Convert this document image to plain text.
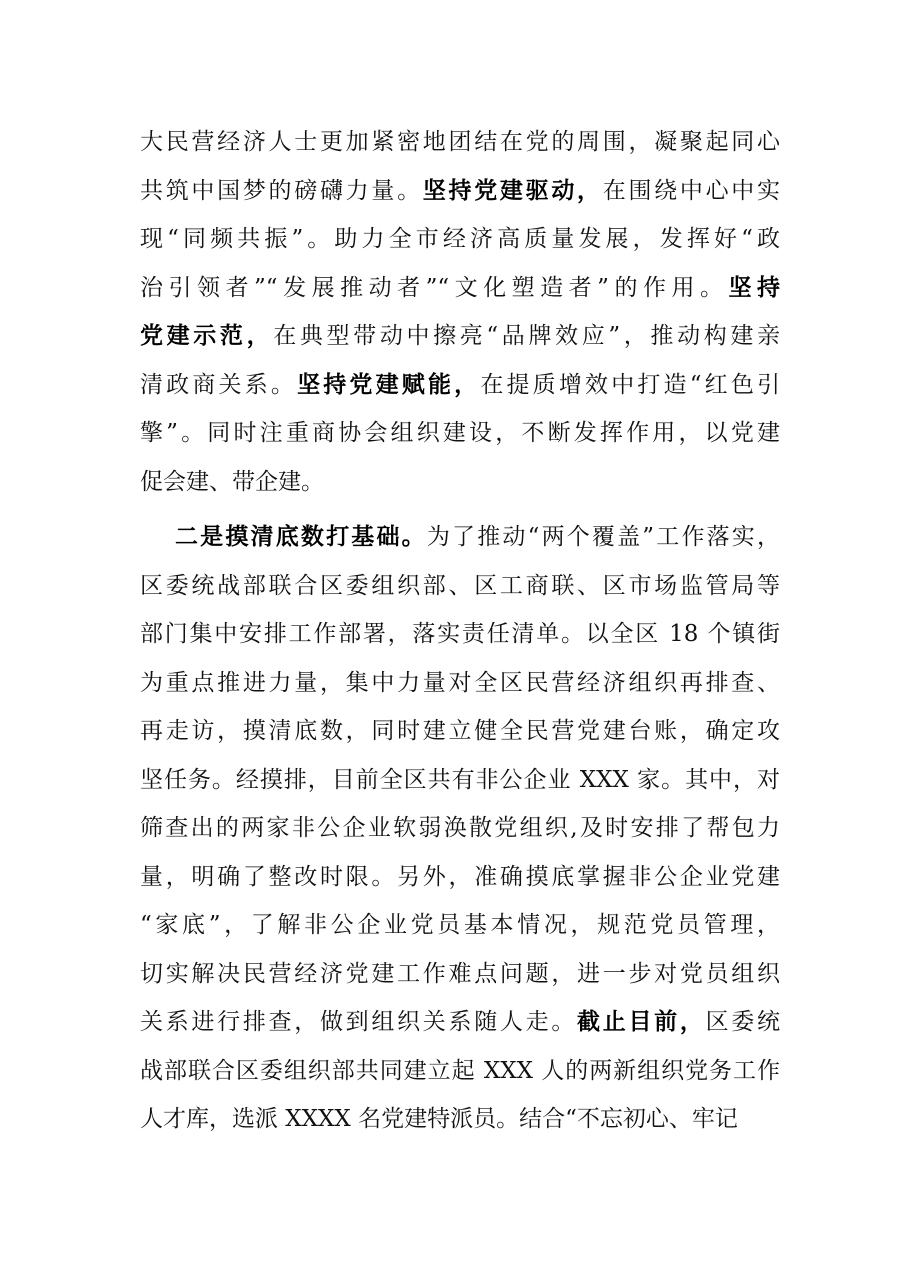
大民营经济人士更加紧密地团结在党的周围，凝聚起同心
共筑中国梦的磅礴力量。坚持党建驱动，在围绕中心中实
现“同频共振”。助力全市经济高质量发展，发挥好“政
治引领者”“发展推动者”“文化塑造者”的作用。坚持
党建示范，在典型带动中擦亮“品牌效应”，推动构建亲
清政商关系。坚持党建赋能，在提质增效中打造“红色引
擎”。同时注重商协会组织建设，不断发挥作用，以党建
促会建、带企建。
二是摸清底数打基础。为了推动“两个覆盖”工作落实，
区委统战部联合区委组织部、区工商联、区市场监管局等
部门集中安排工作部署，落实责任清单。以全区 18 个镇街
为重点推进力量，集中力量对全区民营经济组织再排查、
再走访，摸清底数，同时建立健全民营党建台账，确定攻
坚任务。经摸排，目前全区共有非公企业 XXX 家。其中，对
筛查出的两家非公企业软弱涣散党组织,及时安排了帮包力
量，明确了整改时限。另外，准确摸底掌握非公企业党建
“家底”，了解非公企业党员基本情况，规范党员管理，
切实解决民营经济党建工作难点问题，进一步对党员组织
关系进行排查，做到组织关系随人走。截止目前，区委统
战部联合区委组织部共同建立起 XXX 人的两新组织党务工作
人才库，选派 XXXX 名党建特派员。结合“不忘初心、牢记
